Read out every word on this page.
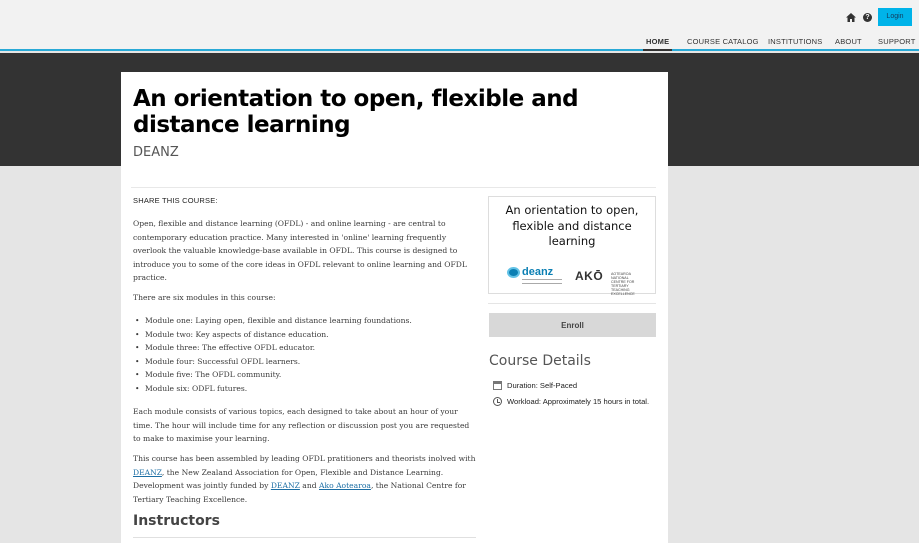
?	Login
HOME COURSE CATALOG INSTITUTIONS ABOUT SUPPORT
An orientation to open, flexible and distance learning
DEANZ
SHARE THIS COURSE:

Open, flexible and distance learning (OFDL) - and online learning - are central to contemporary education practice. Many interested in 'online' learning frequently overlook the valuable knowledge-base available in OFDL. This course is designed to introduce you to some of the core ideas in OFDL relevant to online learning and OFDL practice.

There are six modules in this course:

• Module one: Laying open, flexible and distance learning foundations.
• Module two: Key aspects of distance education.
• Module three: The effective OFDL educator.
• Module four: Successful OFDL learners.
• Module five: The OFDL community.
• Module six: ODFL futures.

Each module consists of various topics, each designed to take about an hour of your time. The hour will include time for any reflection or discussion post you are requested to make to maximise your learning.

This course has been assembled by leading OFDL pratitioners and theorists inolved with DEANZ, the New Zealand Association for Open, Flexible and Distance Learning. Development was jointly funded by DEANZ and Ako Aotearoa, the National Centre for Tertiary Teaching Excellence.

Instructors
An orientation to open, flexible and distance learning
deanz AKŌ AOTEAROA NATIONAL CENTRE FOR TERTIARY TEACHING EXCELLENCE
Enroll
Course Details
Duration: Self-Paced
Workload: Approximately 15 hours in total.
